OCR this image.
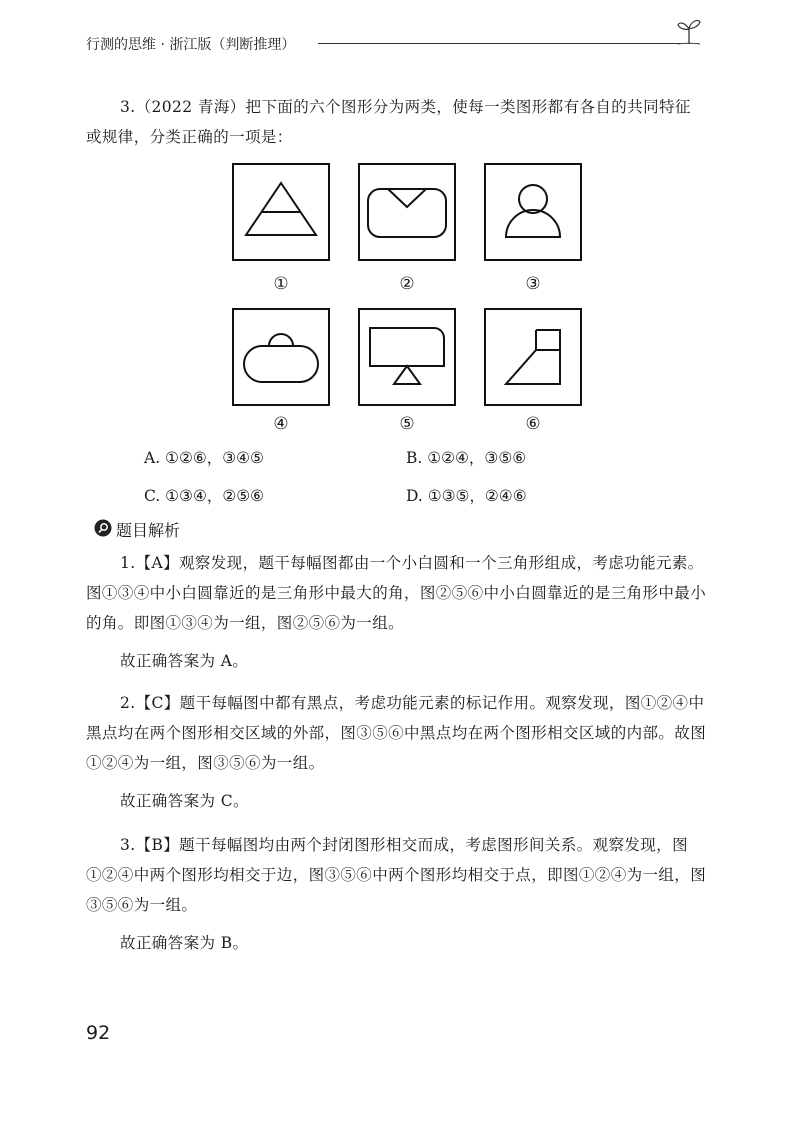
行测的思维 · 浙江版（判断推理）

3.（2022 青海）把下面的六个图形分为两类，使每一类图形都有各自的共同特征

或规律，分类正确的一项是：

①	②	③
④	⑤	⑥
A. ①②⑥，③④⑤	B. ①②④，③⑤⑥
C. ①③④，②⑤⑥	D. ①③⑤，②④⑥
题目解析

1.【A】观察发现，题干每幅图都由一个小白圆和一个三角形组成，考虑功能元素。图①③④中小白圆靠近的是三角形中最大的角，图②⑤⑥中小白圆靠近的是三角形中最小的角。即图①③④为一组，图②⑤⑥为一组。

故正确答案为 A。

2.【C】题干每幅图中都有黑点，考虑功能元素的标记作用。观察发现，图①②④中黑点均在两个图形相交区域的外部，图③⑤⑥中黑点均在两个图形相交区域的内部。故图①②④为一组，图③⑤⑥为一组。

故正确答案为 C。

3.【B】题干每幅图均由两个封闭图形相交而成，考虑图形间关系。观察发现，图①②④中两个图形均相交于边，图③⑤⑥中两个图形均相交于点，即图①②④为一组，图③⑤⑥为一组。

故正确答案为 B。

92
